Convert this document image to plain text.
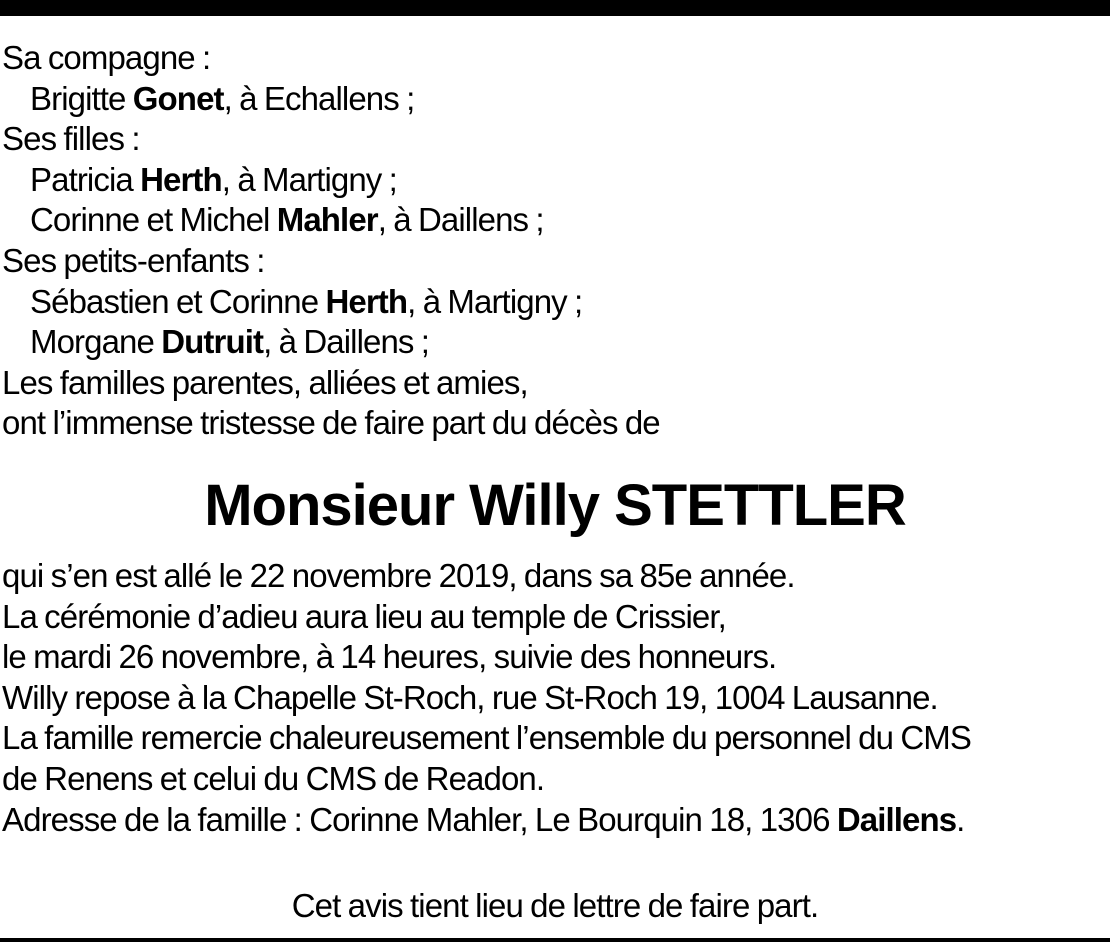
Sa compagne :
Brigitte Gonet, à Echallens ;
Ses filles :
Patricia Herth, à Martigny ;
Corinne et Michel Mahler, à Daillens ;
Ses petits-enfants :
Sébastien et Corinne Herth, à Martigny ;
Morgane Dutruit, à Daillens ;
Les familles parentes, alliées et amies,
ont l’immense tristesse de faire part du décès de
Monsieur Willy STETTLER
qui s’en est allé le 22 novembre 2019, dans sa 85e année.
La cérémonie d’adieu aura lieu au temple de Crissier,
le mardi 26 novembre, à 14 heures, suivie des honneurs.
Willy repose à la Chapelle St-Roch, rue St-Roch 19, 1004 Lausanne.
La famille remercie chaleureusement l’ensemble du personnel du CMS
de Renens et celui du CMS de Readon.
Adresse de la famille : Corinne Mahler, Le Bourquin 18, 1306 Daillens.
Cet avis tient lieu de lettre de faire part.
